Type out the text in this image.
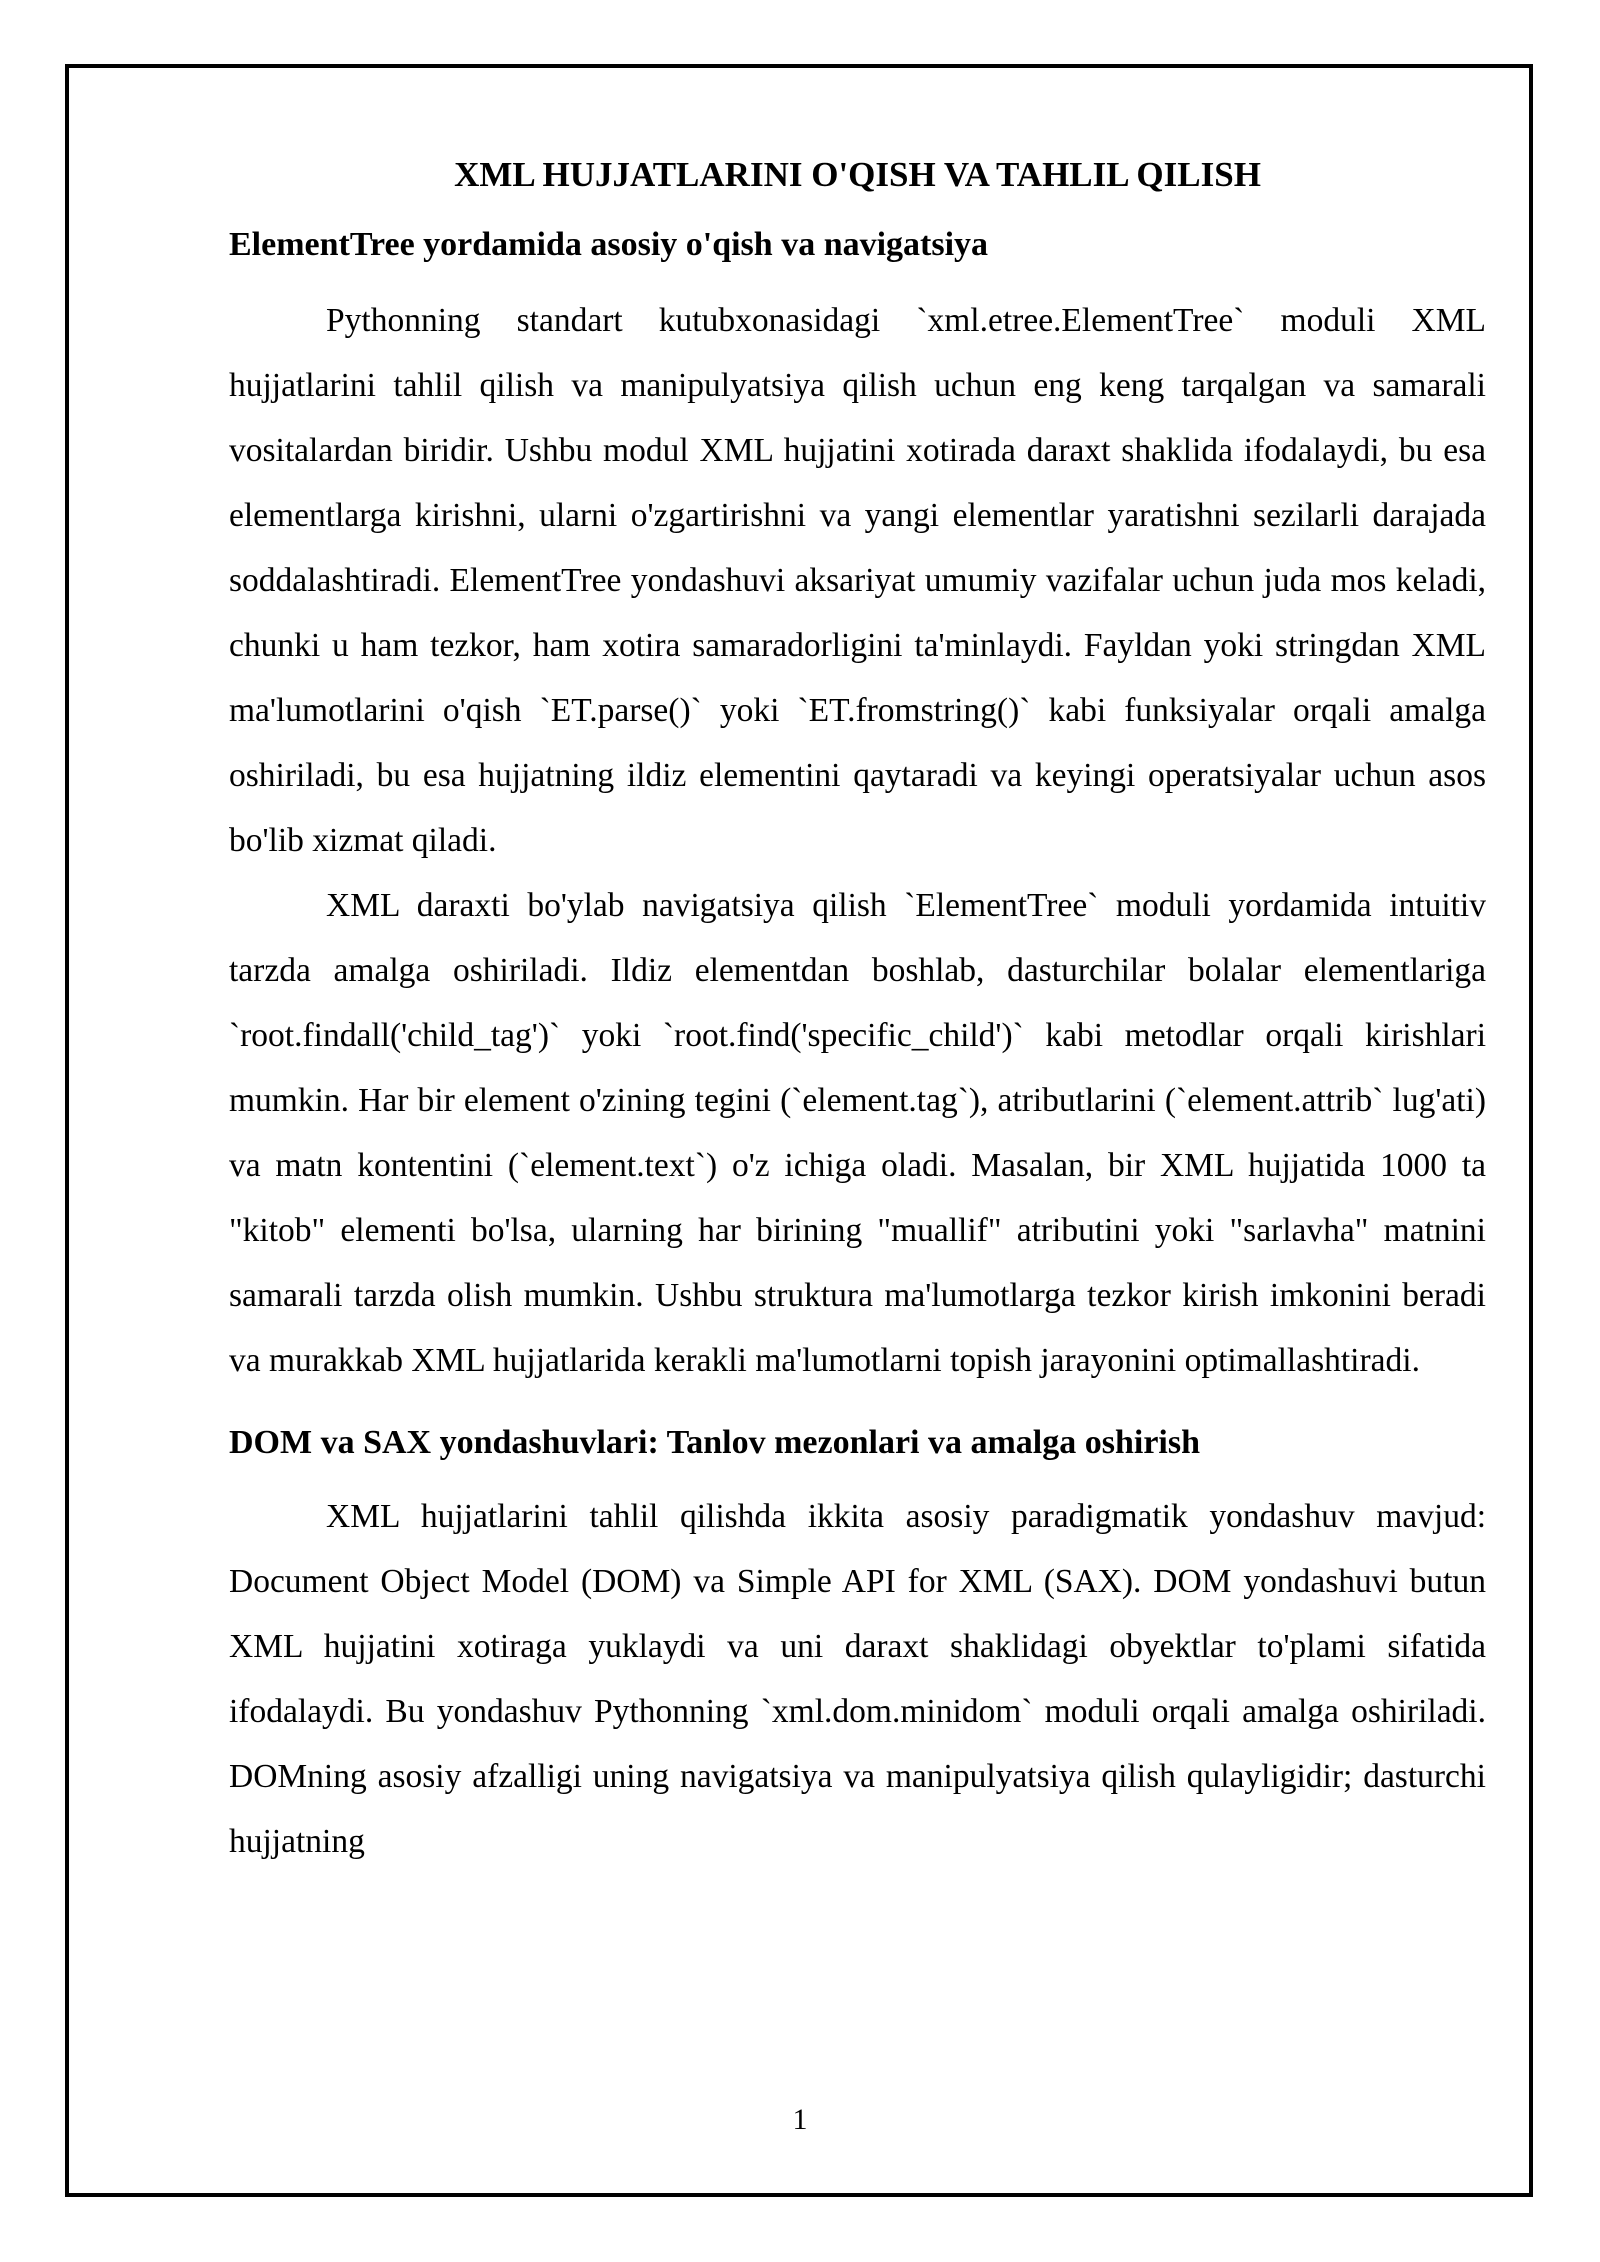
XML HUJJATLARINI O'QISH VA TAHLIL QILISH
ElementTree yordamida asosiy o'qish va navigatsiya

Pythonning standart kutubxonasidagi `xml.etree.ElementTree` moduli XML hujjatlarini tahlil qilish va manipulyatsiya qilish uchun eng keng tarqalgan va samarali vositalardan biridir. Ushbu modul XML hujjatini xotirada daraxt shaklida ifodalaydi, bu esa elementlarga kirishni, ularni o'zgartirishni va yangi elementlar yaratishni sezilarli darajada soddalashtiradi. ElementTree yondashuvi aksariyat umumiy vazifalar uchun juda mos keladi, chunki u ham tezkor, ham xotira samaradorligini ta'minlaydi. Fayldan yoki stringdan XML ma'lumotlarini o'qish `ET.parse()` yoki `ET.fromstring()` kabi funksiyalar orqali amalga oshiriladi, bu esa hujjatning ildiz elementini qaytaradi va keyingi operatsiyalar uchun asos bo'lib xizmat qiladi.

XML daraxti bo'ylab navigatsiya qilish `ElementTree` moduli yordamida intuitiv tarzda amalga oshiriladi. Ildiz elementdan boshlab, dasturchilar bolalar elementlariga `root.findall('child_tag')` yoki `root.find('specific_child')` kabi metodlar orqali kirishlari mumkin. Har bir element o'zining tegini (`element.tag`), atributlarini (`element.attrib` lug'ati) va matn kontentini (`element.text`) o'z ichiga oladi. Masalan, bir XML hujjatida 1000 ta "kitob" elementi bo'lsa, ularning har birining "muallif" atributini yoki "sarlavha" matnini samarali tarzda olish mumkin. Ushbu struktura ma'lumotlarga tezkor kirish imkonini beradi va murakkab XML hujjatlarida kerakli ma'lumotlarni topish jarayonini optimallashtiradi.

DOM va SAX yondashuvlari: Tanlov mezonlari va amalga oshirish

XML hujjatlarini tahlil qilishda ikkita asosiy paradigmatik yondashuv mavjud: Document Object Model (DOM) va Simple API for XML (SAX). DOM yondashuvi butun XML hujjatini xotiraga yuklaydi va uni daraxt shaklidagi obyektlar to'plami sifatida ifodalaydi. Bu yondashuv Pythonning `xml.dom.minidom` moduli orqali amalga oshiriladi. DOMning asosiy afzalligi uning navigatsiya va manipulyatsiya qilish qulayligidir; dasturchi hujjatning

1
